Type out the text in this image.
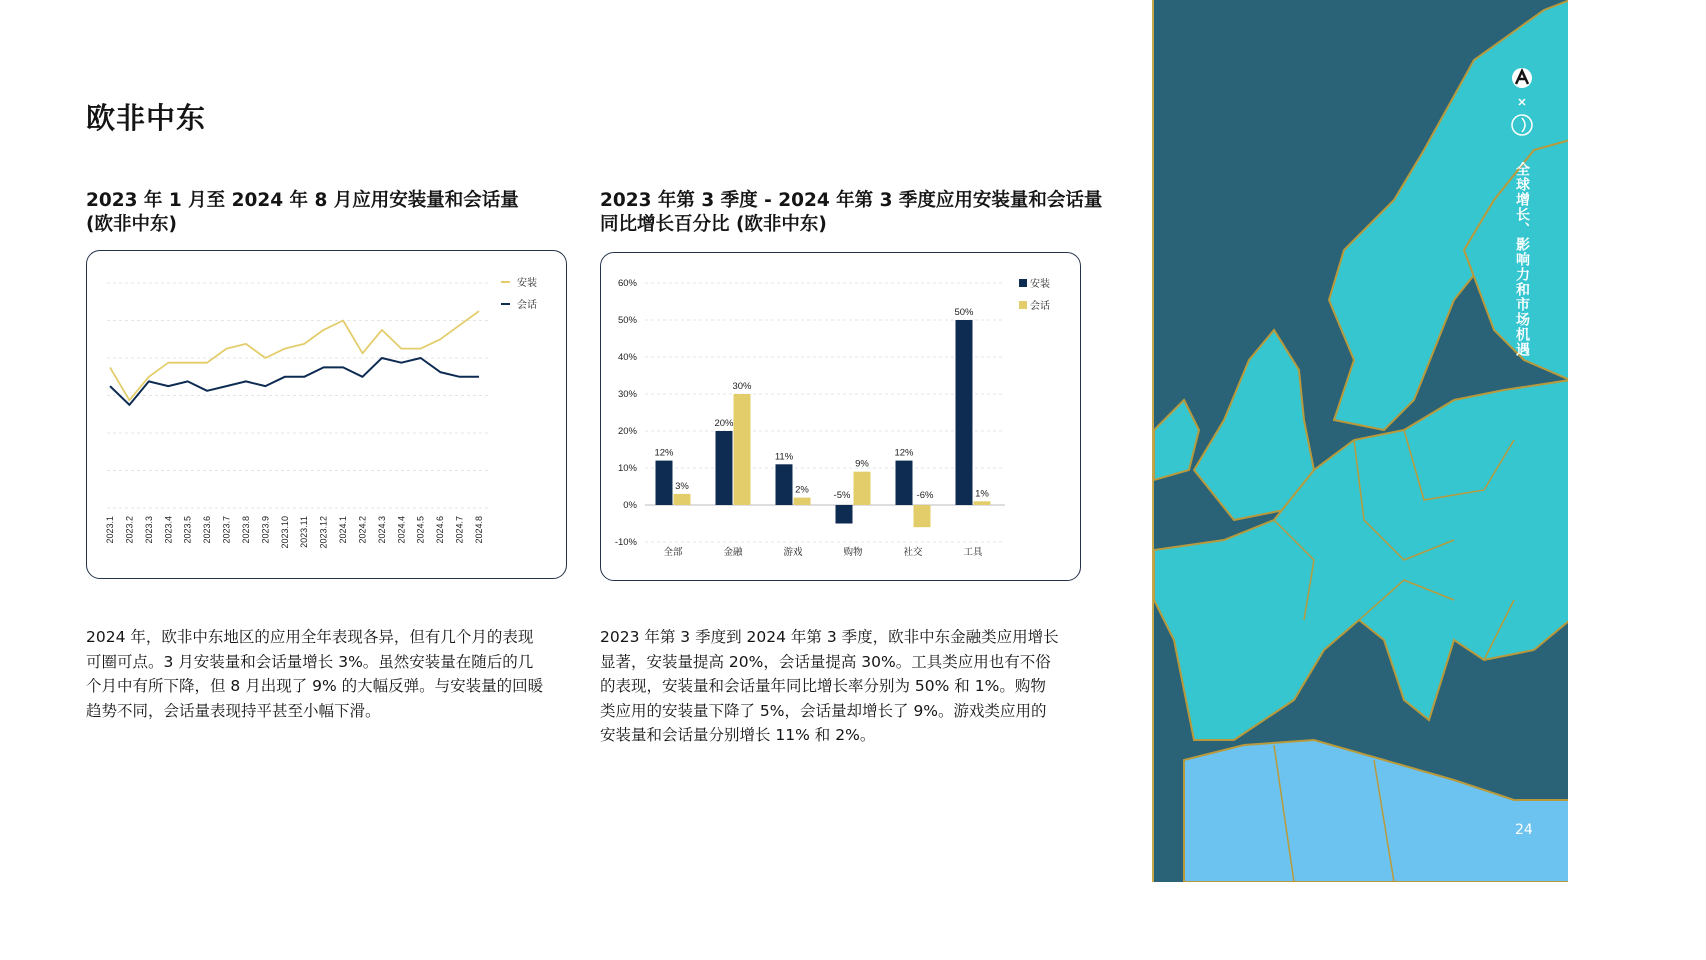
欧非中东
2023 年 1 月至 2024 年 8 月应用安装量和会话量
(欧非中东)
2023 年第 3 季度 - 2024 年第 3 季度应用安装量和会话量
同比增长百分比 (欧非中东)
2023.1 2023.2 2023.3 2023.4 2023.5 2023.6 2023.7 2023.8 2023.9 2023.10 2023.11 2023.12 2024.1 2024.2 2024.3 2024.4 2024.5 2024.6 2024.7 2024.8
安装
会话
-10%
0%
10%
20%
30%
40%
50%
60%
全部
12%
3%
金融
20%
30%
游戏
11%
2%
购物
-5%
9%
社交
12%
-6%
工具
50%
1%
安装
会话
2024 年，欧非中东地区的应用全年表现各异，但有几个月的表现
可圈可点。3 月安装量和会话量增长 3%。虽然安装量在随后的几
个月中有所下降，但 8 月出现了 9% 的大幅反弹。与安装量的回暖
趋势不同，会话量表现持平甚至小幅下滑。
2023 年第 3 季度到 2024 年第 3 季度，欧非中东金融类应用增长
显著，安装量提高 20%，会话量提高 30%。工具类应用也有不俗
的表现，安装量和会话量年同比增长率分别为 50% 和 1%。购物
类应用的安装量下降了 5%，会话量却增长了 9%。游戏类应用的
安装量和会话量分别增长 11% 和 2%。
全球增长、影响力和市场机遇
24
